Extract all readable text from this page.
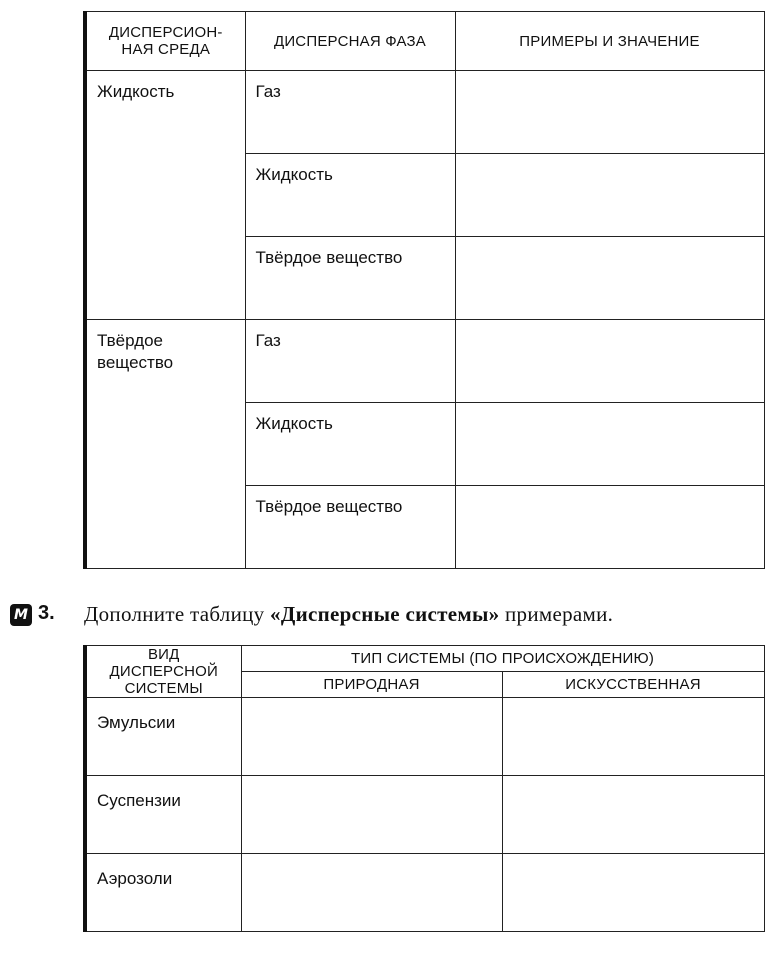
ДИСПЕРСИОН-НАЯ СРЕДА	ДИСПЕРСНАЯ ФАЗА	ПРИМЕРЫ И ЗНАЧЕНИЕ

Жидкость	Газ	

	Жидкость	

	Твёрдое вещество	

Твёрдое вещество	Газ	

	Жидкость	

	Твёрдое вещество	

М 3. Дополните таблицу «Дисперсные системы» примерами.
ВИД ДИСПЕРСНОЙ СИСТЕМЫ	ТИП СИСТЕМЫ (ПО ПРОИСХОЖДЕНИЮ)	
	ПРИРОДНАЯ	ИСКУССТВЕННАЯ

Эмульсии		

Суспензии		

Аэрозоли		
